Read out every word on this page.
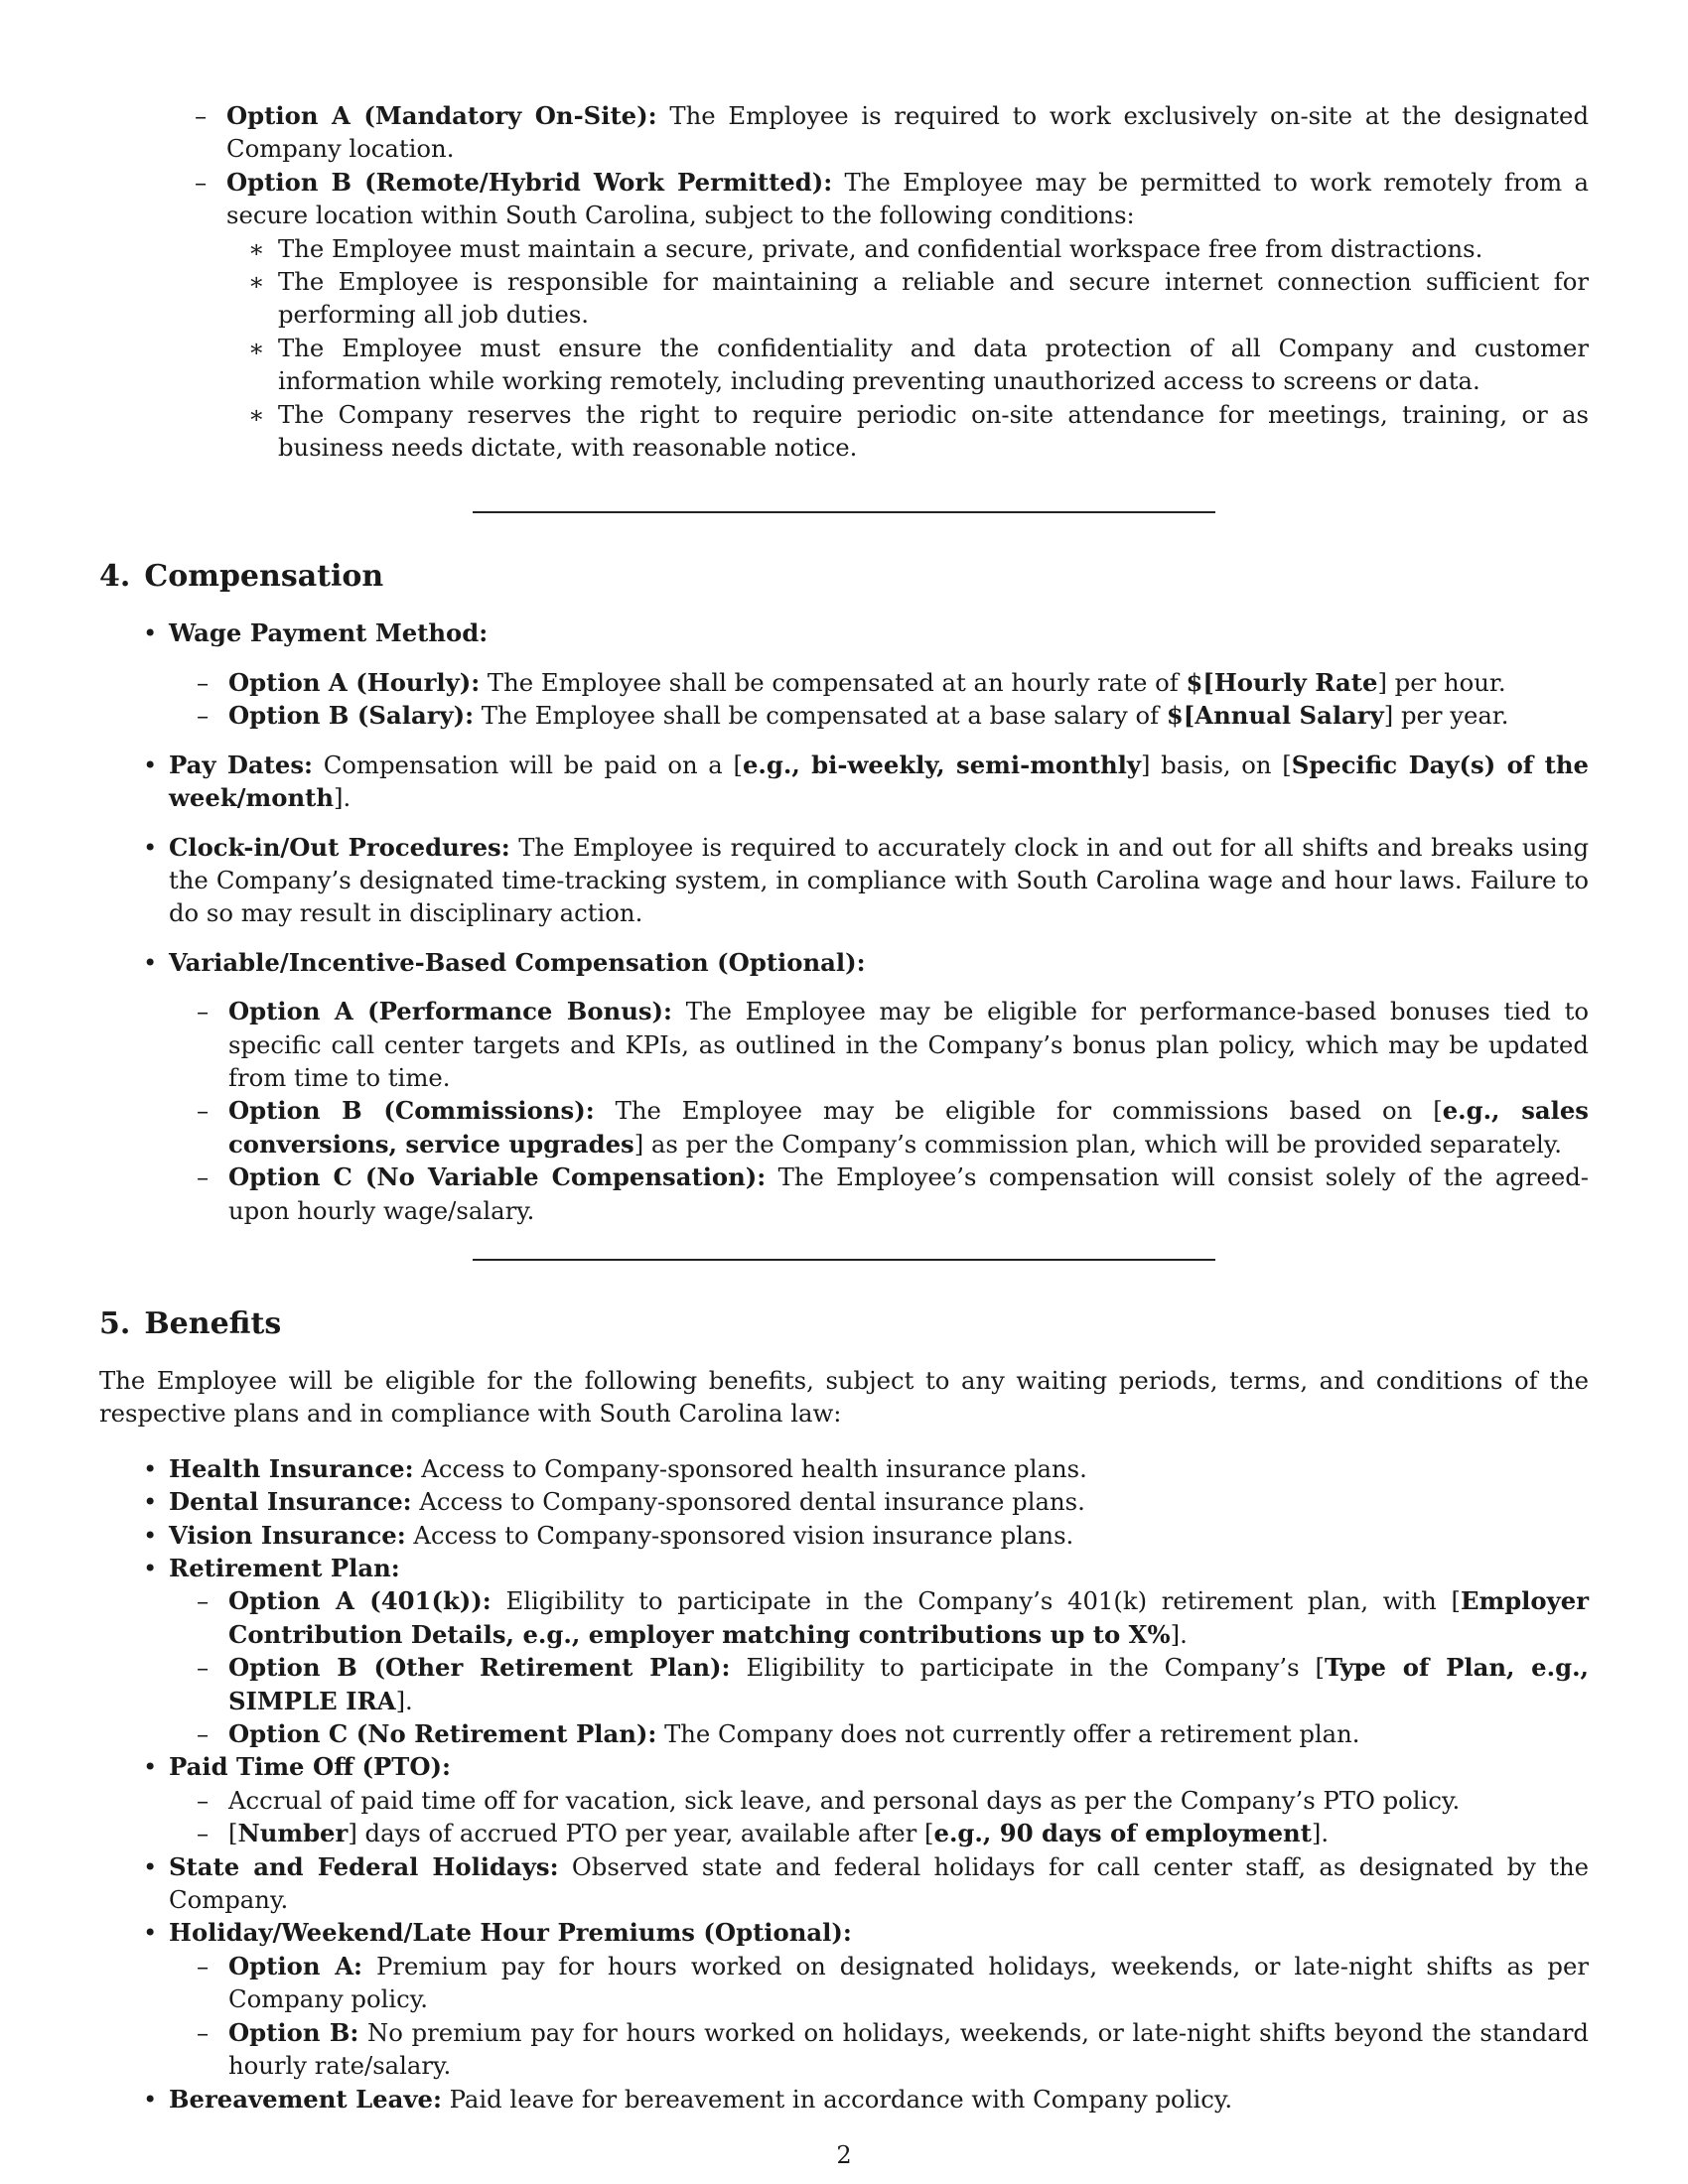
– Option A (Mandatory On-Site): The Employee is required to work exclusively on-site at the designated Company location.
– Option B (Remote/Hybrid Work Permitted): The Employee may be permitted to work remotely from a secure location within South Carolina, subject to the following conditions:
∗ The Employee must maintain a secure, private, and confidential workspace free from distractions.
∗ The Employee is responsible for maintaining a reliable and secure internet connection sufficient for performing all job duties.
∗ The Employee must ensure the confidentiality and data protection of all Company and customer information while working remotely, including preventing unauthorized access to screens or data.
∗ The Company reserves the right to require periodic on-site attendance for meetings, training, or as business needs dictate, with reasonable notice.
4. Compensation
• Wage Payment Method:
– Option A (Hourly): The Employee shall be compensated at an hourly rate of $[Hourly Rate] per hour.
– Option B (Salary): The Employee shall be compensated at a base salary of $[Annual Salary] per year.
• Pay Dates: Compensation will be paid on a [e.g., bi-weekly, semi-monthly] basis, on [Specific Day(s) of the week/month].
• Clock-in/Out Procedures: The Employee is required to accurately clock in and out for all shifts and breaks using the Company’s designated time-tracking system, in compliance with South Carolina wage and hour laws. Failure to do so may result in disciplinary action.
• Variable/Incentive-Based Compensation (Optional):
– Option A (Performance Bonus): The Employee may be eligible for performance-based bonuses tied to specific call center targets and KPIs, as outlined in the Company’s bonus plan policy, which may be updated from time to time.
– Option B (Commissions): The Employee may be eligible for commissions based on [e.g., sales conversions, service upgrades] as per the Company’s commission plan, which will be provided separately.
– Option C (No Variable Compensation): The Employee’s compensation will consist solely of the agreed-upon hourly wage/salary.
5. Benefits

The Employee will be eligible for the following benefits, subject to any waiting periods, terms, and conditions of the respective plans and in compliance with South Carolina law:

• Health Insurance: Access to Company-sponsored health insurance plans.
• Dental Insurance: Access to Company-sponsored dental insurance plans.
• Vision Insurance: Access to Company-sponsored vision insurance plans.
• Retirement Plan:
– Option A (401(k)): Eligibility to participate in the Company’s 401(k) retirement plan, with [Employer Contribution Details, e.g., employer matching contributions up to X%].
– Option B (Other Retirement Plan): Eligibility to participate in the Company’s [Type of Plan, e.g., SIMPLE IRA].
– Option C (No Retirement Plan): The Company does not currently offer a retirement plan.
• Paid Time Off (PTO):
– Accrual of paid time off for vacation, sick leave, and personal days as per the Company’s PTO policy.
– [Number] days of accrued PTO per year, available after [e.g., 90 days of employment].
• State and Federal Holidays: Observed state and federal holidays for call center staff, as designated by the Company.
• Holiday/Weekend/Late Hour Premiums (Optional):
– Option A: Premium pay for hours worked on designated holidays, weekends, or late-night shifts as per Company policy.
– Option B: No premium pay for hours worked on holidays, weekends, or late-night shifts beyond the standard hourly rate/salary.
• Bereavement Leave: Paid leave for bereavement in accordance with Company policy.
2
